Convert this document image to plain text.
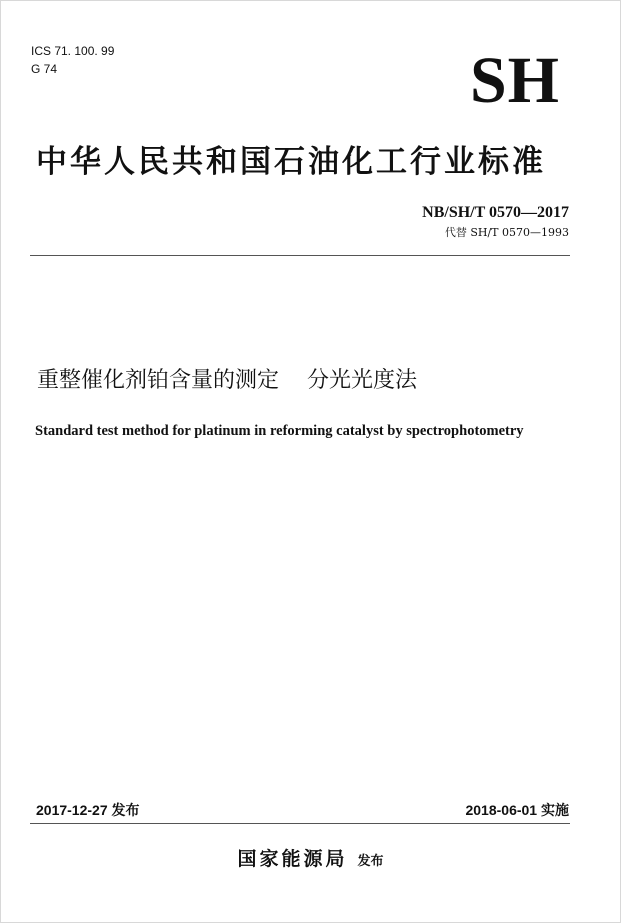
ICS 71. 100. 99
G 74	SH
中华人民共和国石油化工行业标准
NB/SH/T 0570—2017
代替 SH/T 0570—1993
重整催化剂铂含量的测定 分光光度法
Standard test method for platinum in reforming catalyst by spectrophotometry
2017-12-27 发布	2018-06-01 实施
国家能源局 发布
